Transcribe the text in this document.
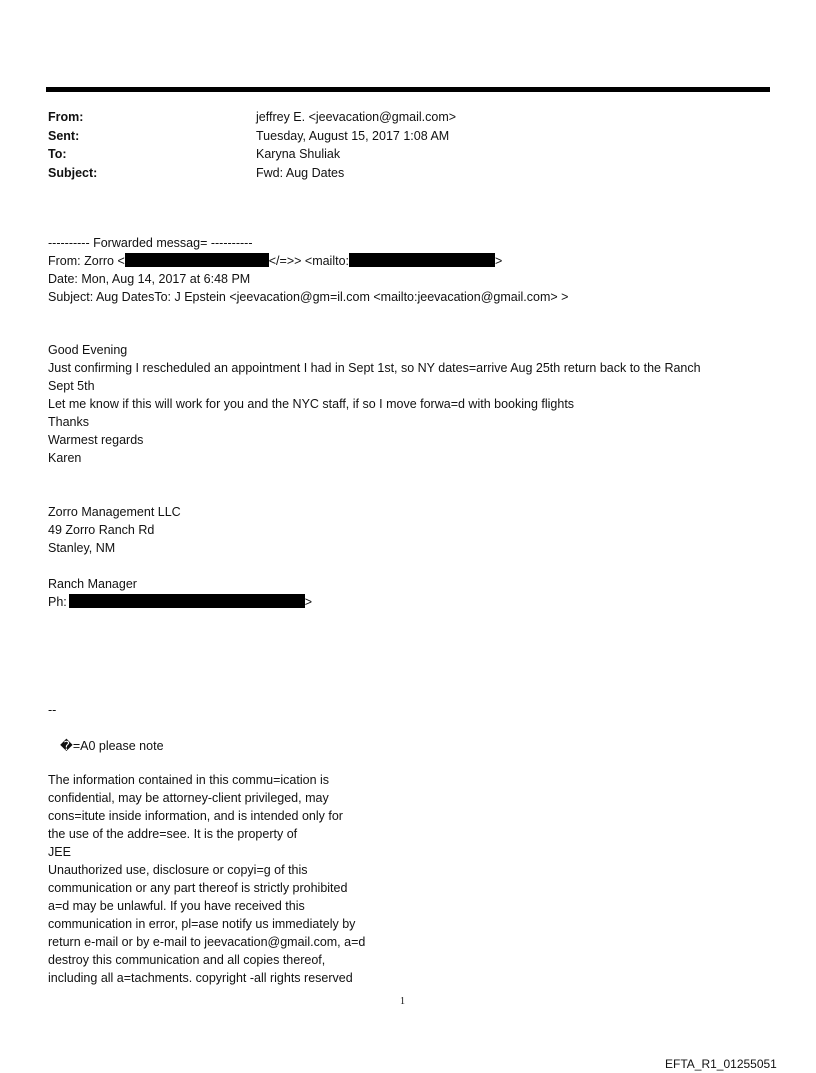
From:	jeffrey E. <jeevacation@gmail.com>
Sent:	Tuesday, August 15, 2017 1:08 AM
To:	Karyna Shuliak
Subject:	Fwd: Aug Dates
---------- Forwarded messag= ----------
From: Zorro <	</=>> <mailto:	>
Date: Mon, Aug 14, 2017 at 6:48 PM
Subject: Aug DatesTo: J Epstein <jeevacation@gm=il.com <mailto:jeevacation@gmail.com> >
Good Evening
Just confirming I rescheduled an appointment I had in Sept 1st, so NY dates=arrive Aug 25th return back to the Ranch
Sept 5th
Let me know if this will work for you and the NYC staff, if so I move forwa=d with booking flights
Thanks
Warmest regards
Karen
Zorro Management LLC
49 Zorro Ranch Rd
Stanley, NM
Ranch Manager
Ph:	>
--
�=A0 please note
The information contained in this commu=ication is
confidential, may be attorney-client privileged, may
cons=itute inside information, and is intended only for
the use of the addre=see. It is the property of
JEE
Unauthorized use, disclosure or copyi=g of this
communication or any part thereof is strictly prohibited
a=d may be unlawful. If you have received this
communication in error, pl=ase notify us immediately by
return e-mail or by e-mail to jeevacation@gmail.com, a=d
destroy this communication and all copies thereof,
including all a=tachments. copyright -all rights reserved
1
EFTA_R1_01255051
